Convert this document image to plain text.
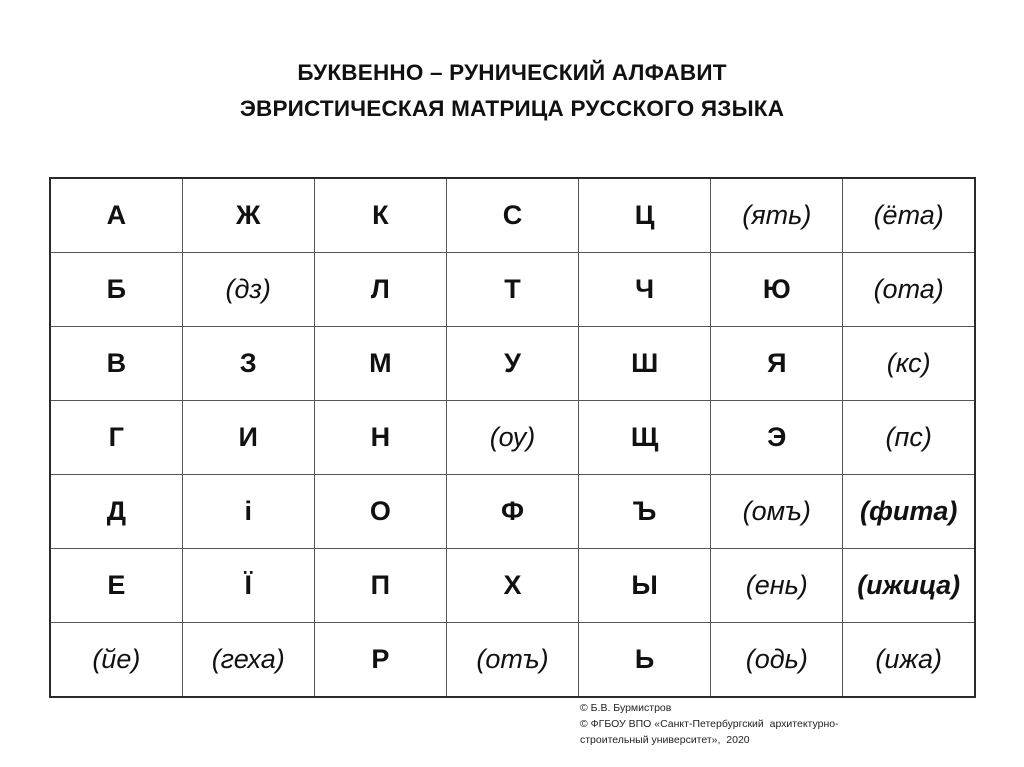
БУКВЕННО – РУНИЧЕСКИЙ АЛФАВИТ
ЭВРИСТИЧЕСКАЯ МАТРИЦА РУССКОГО ЯЗЫКА
А	Ж	К	С	Ц	(ять)	(ёта)
Б	(дз)	Л	Т	Ч	Ю	(ота)
В	З	М	У	Ш	Я	(кс)
Г	И	Н	(оу)	Щ	Э	(пс)
Д	і	О	Ф	Ъ	(омъ)	(фита)
Е	Ї	П	Х	Ы	(ень)	(ижица)
(йе)	(геха)	Р	(отъ)	Ь	(одь)	(ижа)
© Б.В. Бурмистров
© ФГБОУ ВПО «Санкт-Петербургский  архитектурно-
строительный университет»,  2020
